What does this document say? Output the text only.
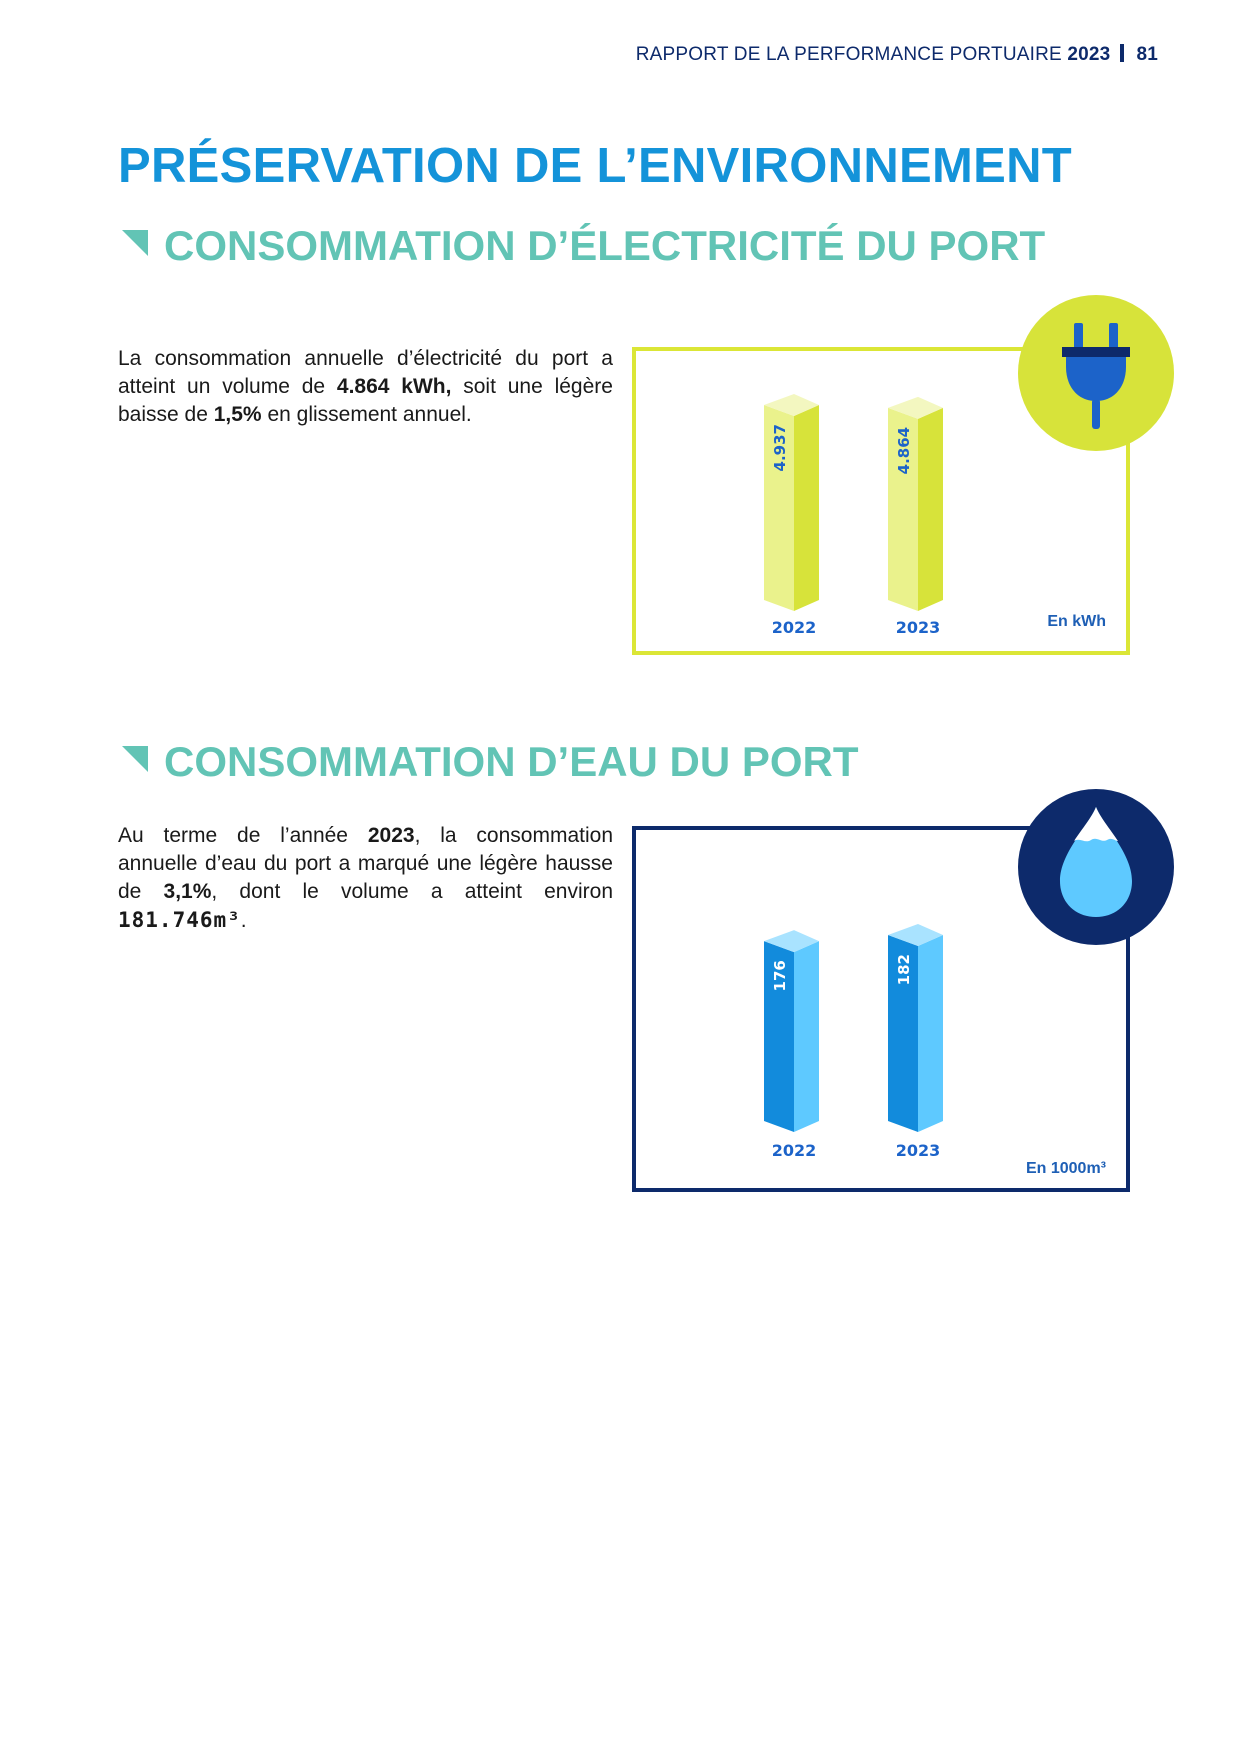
RAPPORT DE LA PERFORMANCE PORTUAIRE 2023 81
PRÉSERVATION DE L’ENVIRONNEMENT
CONSOMMATION D’ÉLECTRICITÉ DU PORT

La consommation annuelle d’électricité du port a atteint un volume de 4.864 kWh, soit une légère baisse de 1,5% en glissement annuel.

4.937
2022
4.864
2023	En kWh
CONSOMMATION D’EAU DU PORT

Au terme de l’année 2023, la consommation annuelle d’eau du port a marqué une légère hausse de 3,1%, dont le volume a atteint environ 181.746m³.

176
2022
182
2023
En 1000m³
